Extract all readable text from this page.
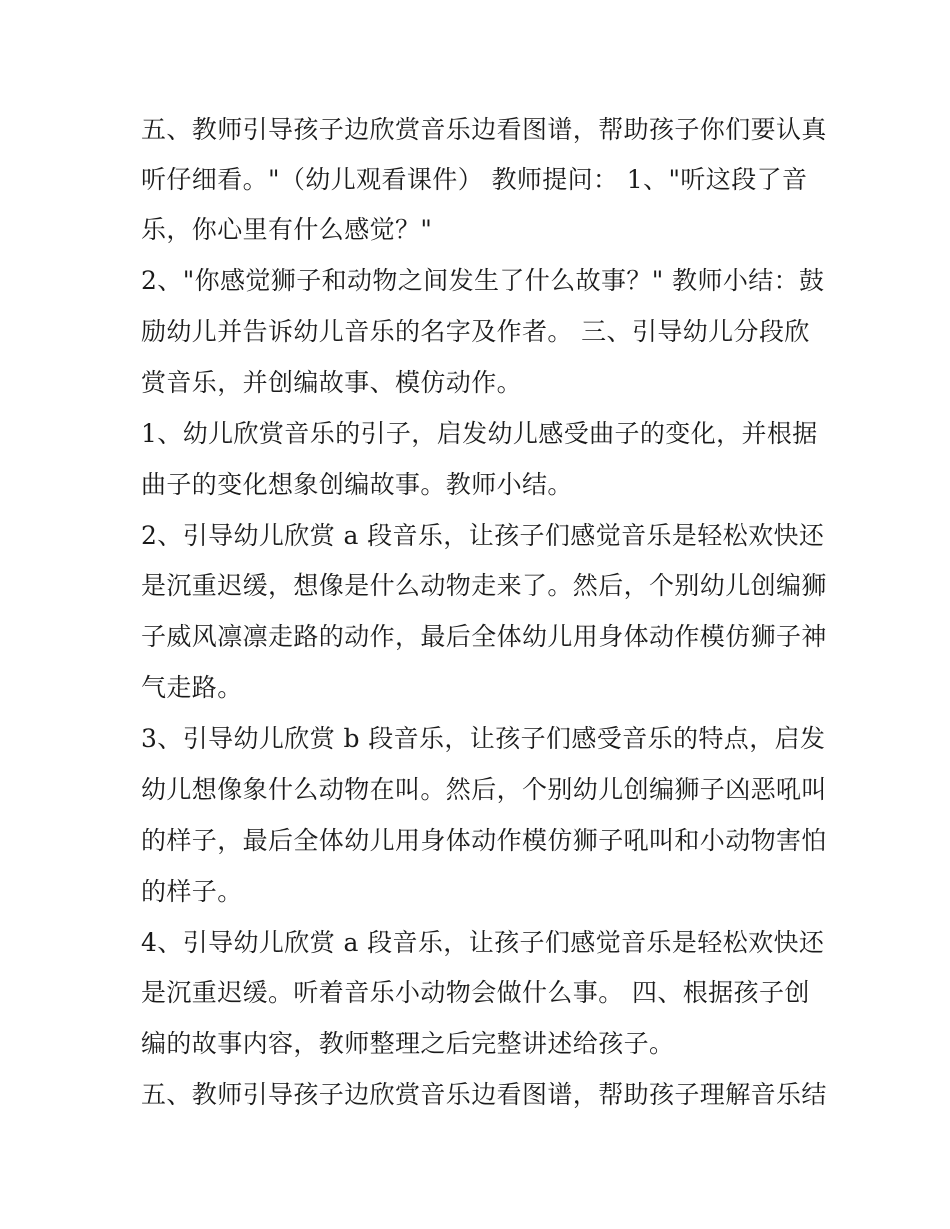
五、教师引导孩子边欣赏音乐边看图谱，帮助孩子你们要认真
听仔细看。"（幼儿观看课件） 教师提问： 1、"听这段了音
乐，你心里有什么感觉？"
2、"你感觉狮子和动物之间发生了什么故事？" 教师小结：鼓
励幼儿并告诉幼儿音乐的名字及作者。 三、引导幼儿分段欣
赏音乐，并创编故事、模仿动作。
1、幼儿欣赏音乐的引子，启发幼儿感受曲子的变化，并根据
曲子的变化想象创编故事。教师小结。
2、引导幼儿欣赏 a 段音乐，让孩子们感觉音乐是轻松欢快还
是沉重迟缓，想像是什么动物走来了。然后，个别幼儿创编狮
子威风凛凛走路的动作，最后全体幼儿用身体动作模仿狮子神
气走路。
3、引导幼儿欣赏 b 段音乐，让孩子们感受音乐的特点，启发
幼儿想像象什么动物在叫。然后，个别幼儿创编狮子凶恶吼叫
的样子，最后全体幼儿用身体动作模仿狮子吼叫和小动物害怕
的样子。
4、引导幼儿欣赏 a 段音乐，让孩子们感觉音乐是轻松欢快还
是沉重迟缓。听着音乐小动物会做什么事。 四、根据孩子创
编的故事内容，教师整理之后完整讲述给孩子。
五、教师引导孩子边欣赏音乐边看图谱，帮助孩子理解音乐结
